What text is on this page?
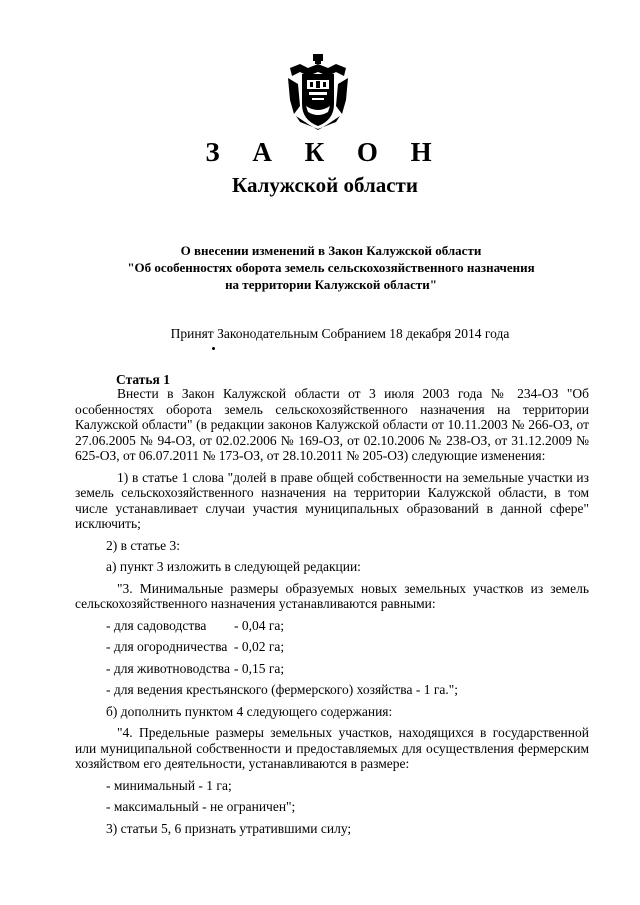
З А К О Н
Калужской области
О внесении изменений в Закон Калужской области
"Об особенностях оборота земель сельскохозяйственного назначения
на территории Калужской области"
Принят Законодательным Собранием 18 декабря 2014 года
Статья 1

Внести в Закон Калужской области от 3 июля 2003 года № 234-ОЗ "Об особенностях оборота земель сельскохозяйственного назначения на территории Калужской области" (в редакции законов Калужской области от 10.11.2003 № 266-ОЗ, от 27.06.2005 № 94-ОЗ, от 02.02.2006 № 169-ОЗ, от 02.10.2006 № 238-ОЗ, от 31.12.2009 № 625-ОЗ, от 06.07.2011 № 173-ОЗ, от 28.10.2011 № 205-ОЗ) следующие изменения:

1) в статье 1 слова "долей в праве общей собственности на земельные участки из земель сельскохозяйственного назначения на территории Калужской области, в том числе устанавливает случаи участия муниципальных образований в данной сфере" исключить;

2) в статье 3:

а) пункт 3 изложить в следующей редакции:

"3. Минимальные размеры образуемых новых земельных участков из земель сельскохозяйственного назначения устанавливаются равными:

- для садоводства	- 0,04 га;
- для огородничества - 0,02 га;
- для животноводства - 0,15 га;

- для ведения крестьянского (фермерского) хозяйства - 1 га.";

б) дополнить пунктом 4 следующего содержания:

"4. Предельные размеры земельных участков, находящихся в государственной или муниципальной собственности и предоставляемых для осуществления фермерским хозяйством его деятельности, устанавливаются в размере:

- минимальный - 1 га;

- максимальный - не ограничен";

3) статьи 5, 6 признать утратившими силу;
